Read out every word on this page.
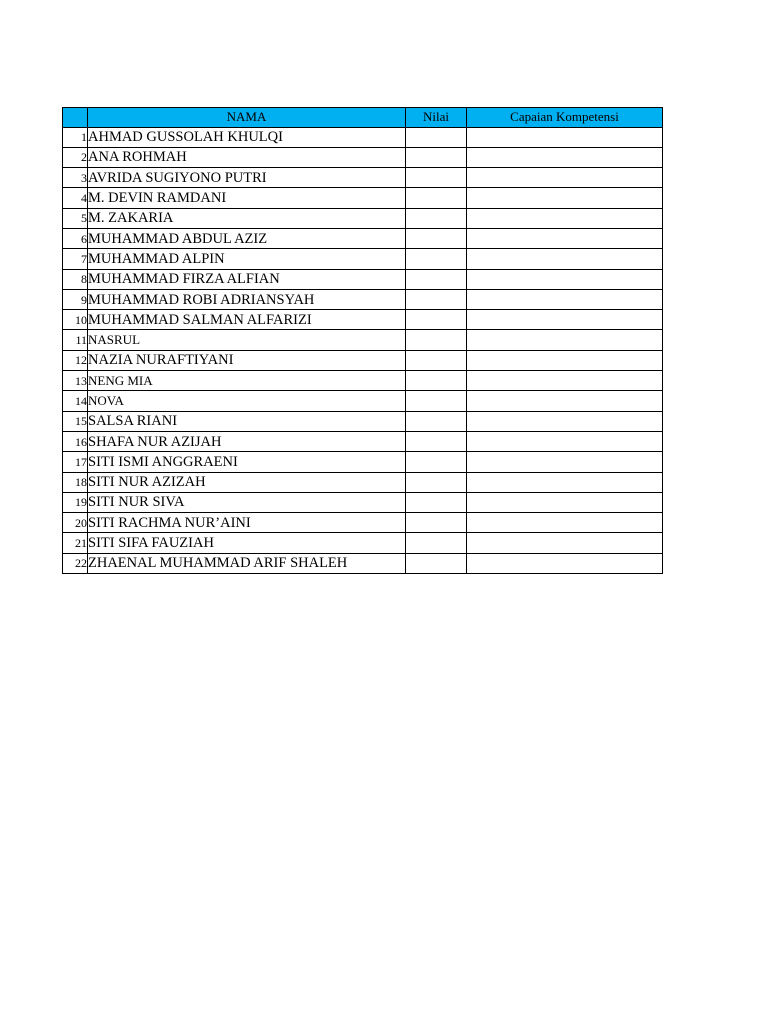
	NAMA	Nilai	Capaian Kompetensi
1	AHMAD GUSSOLAH KHULQI		
2	ANA ROHMAH		
3	AVRIDA SUGIYONO PUTRI		
4	M. DEVIN RAMDANI		
5	M. ZAKARIA		
6	MUHAMMAD ABDUL AZIZ		
7	MUHAMMAD ALPIN		
8	MUHAMMAD FIRZA ALFIAN		
9	MUHAMMAD ROBI ADRIANSYAH		
10	MUHAMMAD SALMAN ALFARIZI		
11	NASRUL		
12	NAZIA NURAFTIYANI		
13	NENG MIA		
14	NOVA		
15	SALSA RIANI		
16	SHAFA NUR AZIJAH		
17	SITI ISMI ANGGRAENI		
18	SITI NUR AZIZAH		
19	SITI NUR SIVA		
20	SITI RACHMA NUR’AINI		
21	SITI SIFA FAUZIAH		
22	ZHAENAL MUHAMMAD ARIF SHALEH		
